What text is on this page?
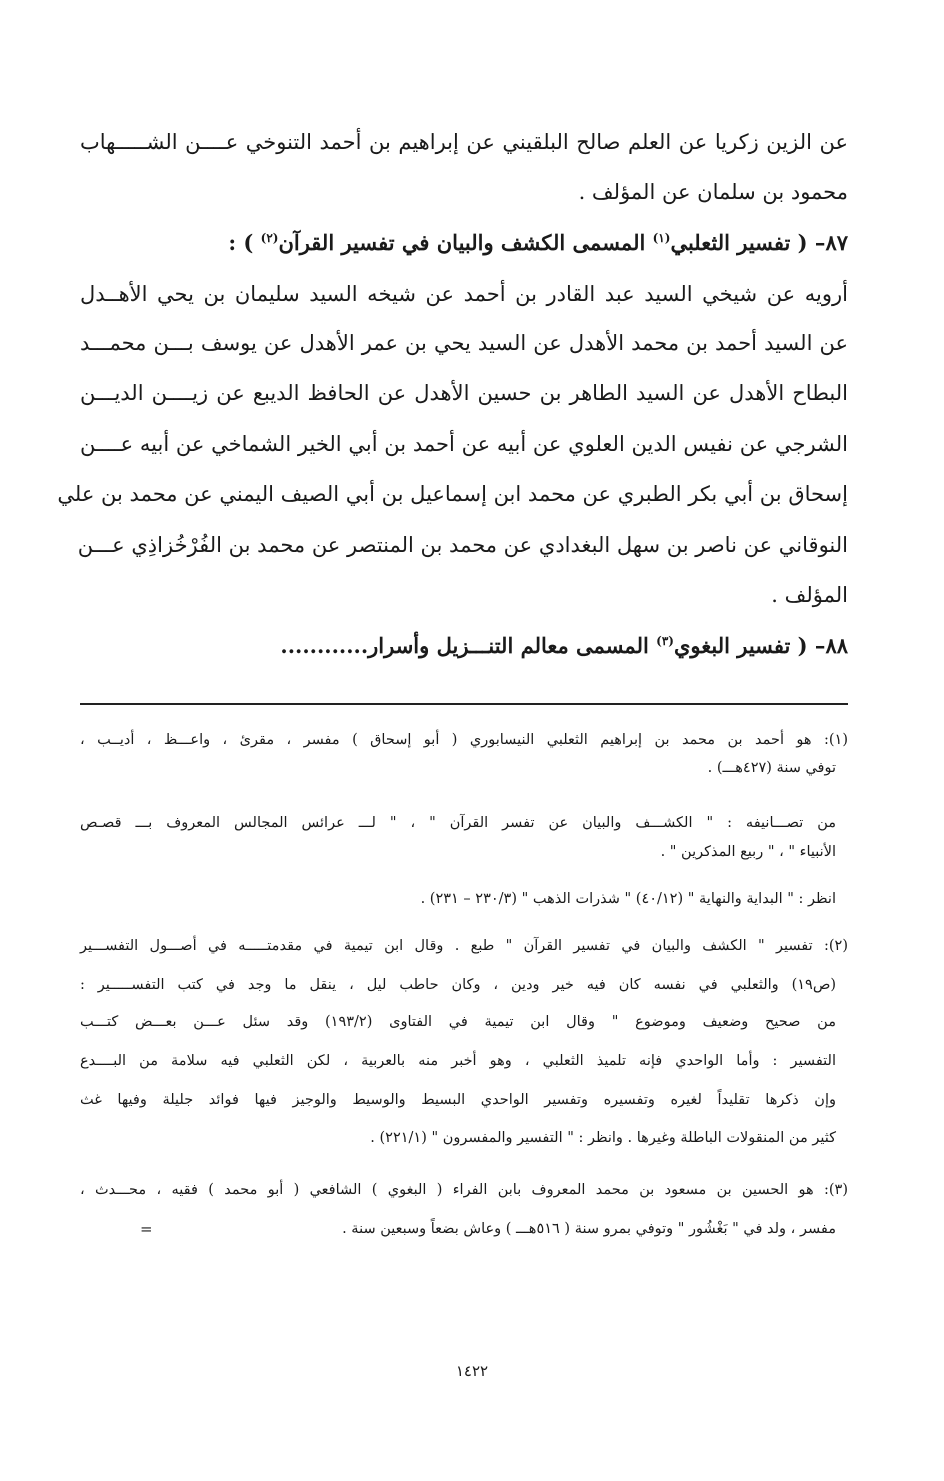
عن الزين زكريا عن العلم صالح البلقيني عن إبراهيم بن أحمد التنوخي عــــن الشـــــهاب
محمود بن سلمان عن المؤلف .
٨٧– ( تفسير الثعلبي$^{(١)}$ المسمى الكشف والبيان في تفسير القرآن$^{(٢)}$ ) :
أرويه عن شيخي السيد عبد القادر بن أحمد عن شيخه السيد سليمان بن يحي الأهــدل
عن السيد أحمد بن محمد الأهدل عن السيد يحي بن عمر الأهدل عن يوسف بـــن محمـــد
البطاح الأهدل عن السيد الطاهر بن حسين الأهدل عن الحافظ الديبع عن زيــــن الديـــن
الشرجي عن نفيس الدين العلوي عن أبيه عن أحمد بن أبي الخير الشماخي عن أبيه عــــن
إسحاق بن أبي بكر الطبري عن محمد ابن إسماعيل بن أبي الصيف اليمني عن محمد بن علي
النوقاني عن ناصر بن سهل البغدادي عن محمد بن المنتصر عن محمد بن الفُرْخُزاذِي عـــن
المؤلف .
٨٨– ( تفسير البغوي$^{(٣)}$ المسمى معالم التنـــزيل وأسرار............
(١): هو أحمد بن محمد بن إبراهيم الثعلبي النيسابوري ( أبو إسحاق ) مفسر ، مقرئ ، واعـــظ ، أديــب ،
توفي سنة (٤٢٧هـــ) .
من تصـــانيفه : " الكشـــف والبيان عن تفسر القرآن " ، " لـــ عرائس المجالس المعروف بـــ قصـص
الأنبياء " ، " ربيع المذكرين " .
انظر : " البداية والنهاية " (٤٠/١٢) " شذرات الذهب " (٢٣٠/٣ – ٢٣١) .
(٢): تفسير " الكشف والبيان في تفسير القرآن " طبع . وقال ابن تيمية في مقدمتـــــه في أصـــول التفســـير
(ص١٩) والثعلبي في نفسه كان فيه خير ودين ، وكان حاطب ليل ، ينقل ما وجد في كتب التفســـــير :
من صحيح وضعيف وموضوع " وقال ابن تيمية في الفتاوى (١٩٣/٢) وقد سئل عـــن بعـــض كتـــب
التفسير : وأما الواحدي فإنه تلميذ الثعلبي ، وهو أخبر منه بالعربية ، لكن الثعلبي فيه سلامة من البــــدع
وإن ذكرها تقليداً لغيره وتفسيره وتفسير الواحدي البسيط والوسيط والوجيز فيها فوائد جليلة وفيها غث
كثير من المنقولات الباطلة وغيرها . وانظر : " التفسير والمفسرون " (٢٢١/١) .
(٣): هو الحسين بن مسعود بن محمد المعروف بابن الفراء ( البغوي ) الشافعي ( أبو محمد ) فقيه ، محـــدث ،
مفسر ، ولد في " بَغْشُور " وتوفي بمرو سنة ( ٥١٦هـــ ) وعاش بضعاً وسبعين سنة .
=
١٤٢٢
